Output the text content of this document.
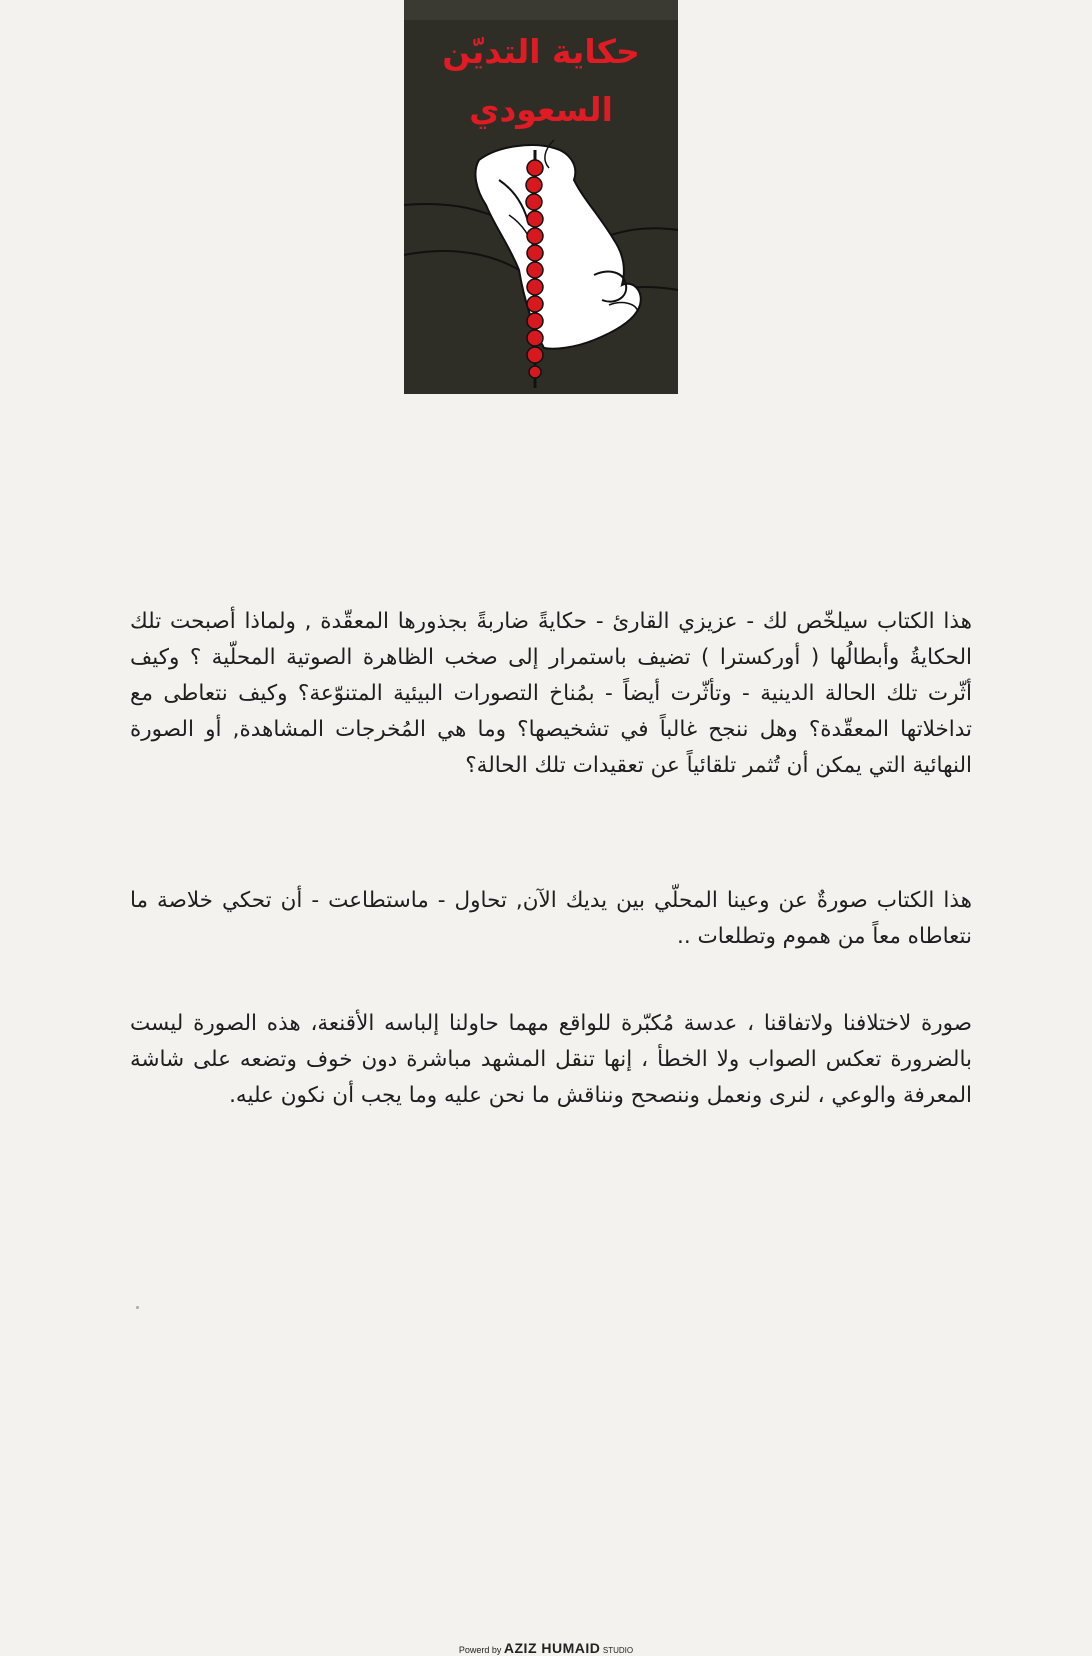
حكاية التديّن
السعودي
هذا الكتاب سيلخّص لك - عزيزي القارئ - حكايةً ضاربةً بجذورها المعقّدة , ولماذا أصبحت تلك الحكايةُ وأبطالُها ( أوركسترا ) تضيف باستمرار إلى صخب الظاهرة الصوتية المحلّية ؟ وكيف أثّرت تلك الحالة الدينية - وتأثّرت أيضاً - بمُناخ التصورات البيئية المتنوّعة؟ وكيف نتعاطى مع تداخلاتها المعقّدة؟ وهل ننجح غالباً في تشخيصها؟ وما هي المُخرجات المشاهدة, أو الصورة النهائية التي يمكن أن تُثمر تلقائياً عن تعقيدات تلك الحالة؟
هذا الكتاب صورةٌ عن وعينا المحلّي بين يديك الآن, تحاول - ماستطاعت - أن تحكي خلاصة ما نتعاطاه معاً من هموم وتطلعات ..
صورة لاختلافنا ولاتفاقنا ، عدسة مُكبّرة للواقع مهما حاولنا إلباسه الأقنعة، هذه الصورة ليست بالضرورة تعكس الصواب ولا الخطأ ، إنها تنقل المشهد مباشرة دون خوف وتضعه على شاشة المعرفة والوعي ، لنرى ونعمل وننصحح ونناقش ما نحن عليه وما يجب أن نكون عليه.
Powerd by AZIZ HUMAID STUDIO
